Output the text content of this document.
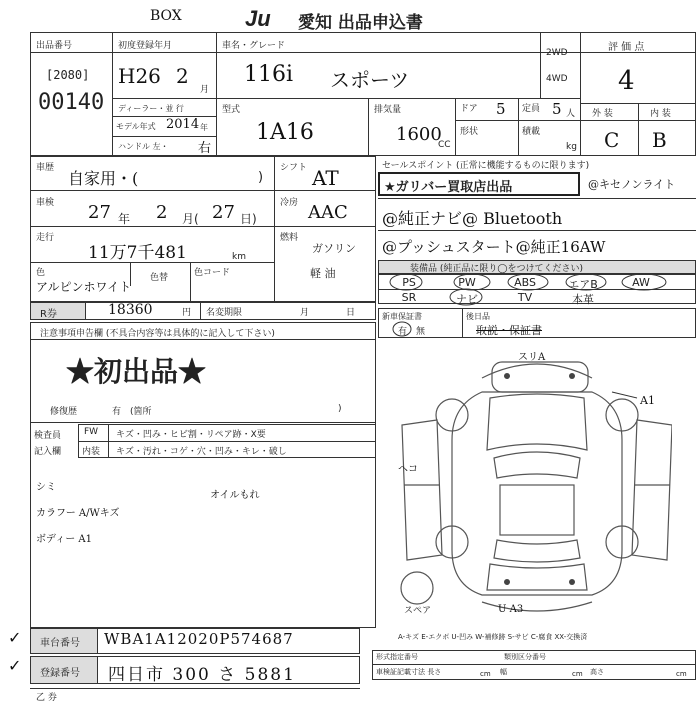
BOX	Ju 愛知 出品申込書
出品番号
[2080]
00140
初度登録年月
H26 2
月
車名・グレード
116i スポーツ
2WD
4WD
評 価 点
4
外 装	内 装
C B
ディーラー・並 行
モデル年式 2014 年
ハンドル 左・ 右
型式
1A16
排気量
1600
CC
ドア 5 定員 5 人
形状	積載
kg
車歴
自家用・(	)
車検 27 年 2 月( 27 日)
走行
11万7千481	km
色
アルピンホワイト
色替	色コード
シフト AT
冷房 AAC
燃料
ガソリン
軽 油
R券	18360	円 名変期限	月	日
セールスポイント (正常に機能するものに限ります)
★ガリバー買取店出品	@キセノンライト
@純正ナビ@ Bluetooth
@プッシュスタート@純正16AW
装備品 (純正品に限り◯をつけてください)
PS	PW	ABS	エアB	AW
SR	ナビ	TV	本革
注意事項申告欄 (不具合内容等は具体的に記入して下さい)
★初出品★
修復歴	有 (箇所	)
検査員
記入欄
FW キズ・凹み・ヒビ割・リペア跡・X要
内装 キズ・汚れ・コゲ・穴・凹み・キレ・破し
シミ
オイルもれ
カラフー A/Wキズ
ボディー A1
新車保証書
有 無
後日品
取説・保証書
スリA
A1
ヘコ
U A3
スペア
A-キズ E-エクボ U-凹み W-補修跡 S-サビ C-腐食 XX-交換済
車台番号 WBA1A12020P574687
登録番号 四日市 300 さ 5881
形式指定番号	類別区分番号
車検証記載寸法 長さ	幅	高さ
cm	cm	cm
乙 券
✓
✓
